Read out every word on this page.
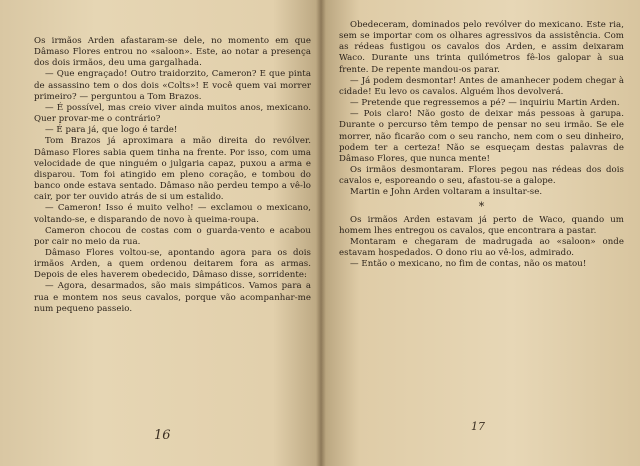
Os irmãos Arden afastaram-se dele, no momento em que Dâmaso Flores entrou no «saloon». Este, ao notar a presença dos dois irmãos, deu uma gargalhada.

— Que engraçado! Outro traidorzito, Cameron? E que pinta de assassino tem o dos dois «Colts»! E você quem vai morrer primeiro? — perguntou a Tom Brazos.

— É possível, mas creio viver ainda muitos anos, mexicano. Quer provar-me o contrário?

— É para já, que logo é tarde!

Tom Brazos já aproximara a mão direita do revólver. Dâmaso Flores sabia quem tinha na frente. Por isso, com uma velocidade de que ninguém o julgaria capaz, puxou a arma e disparou. Tom foi atingido em pleno coração, e tombou do banco onde estava sentado. Dâmaso não perdeu tempo a vê-lo cair, por ter ouvido atrás de si um estalido.

— Cameron! Isso é muito velho! — exclamou o mexicano, voltando-se, e disparando de novo à queima-roupa.

Cameron chocou de costas com o guarda-vento e acabou por cair no meio da rua.

Dâmaso Flores voltou-se, apontando agora para os dois irmãos Arden, a quem ordenou deitarem fora as armas. Depois de eles haverem obedecido, Dâmaso disse, sorridente:

— Agora, desarmados, são mais simpáticos. Vamos para a rua e montem nos seus cavalos, porque vão acompanhar-me num pequeno passeio.

16

Obedeceram, dominados pelo revólver do mexicano. Este ria, sem se importar com os olhares agressivos da assistência. Com as rédeas fustigou os cavalos dos Arden, e assim deixaram Waco. Durante uns trinta quilómetros fê-los galopar à sua frente. De repente mandou-os parar.

— Já podem desmontar! Antes de amanhecer podem chegar à cidade! Eu levo os cavalos. Alguém lhos devolverá.

— Pretende que regressemos a pé? — inquiriu Martin Arden.

— Pois claro! Não gosto de deixar más pessoas à garupa. Durante o percurso têm tempo de pensar no seu irmão. Se ele morrer, não ficarão com o seu rancho, nem com o seu dinheiro, podem ter a certeza! Não se esqueçam destas palavras de Dâmaso Flores, que nunca mente!

Os irmãos desmontaram. Flores pegou nas rédeas dos dois cavalos e, esporeando o seu, afastou-se a galope.

Martin e John Arden voltaram a insultar-se.

*

Os irmãos Arden estavam já perto de Waco, quando um homem lhes entregou os cavalos, que encontrara a pastar.

Montaram e chegaram de madrugada ao «saloon» onde estavam hospedados. O dono riu ao vê-los, admirado.

— Então o mexicano, no fim de contas, não os matou!

17
